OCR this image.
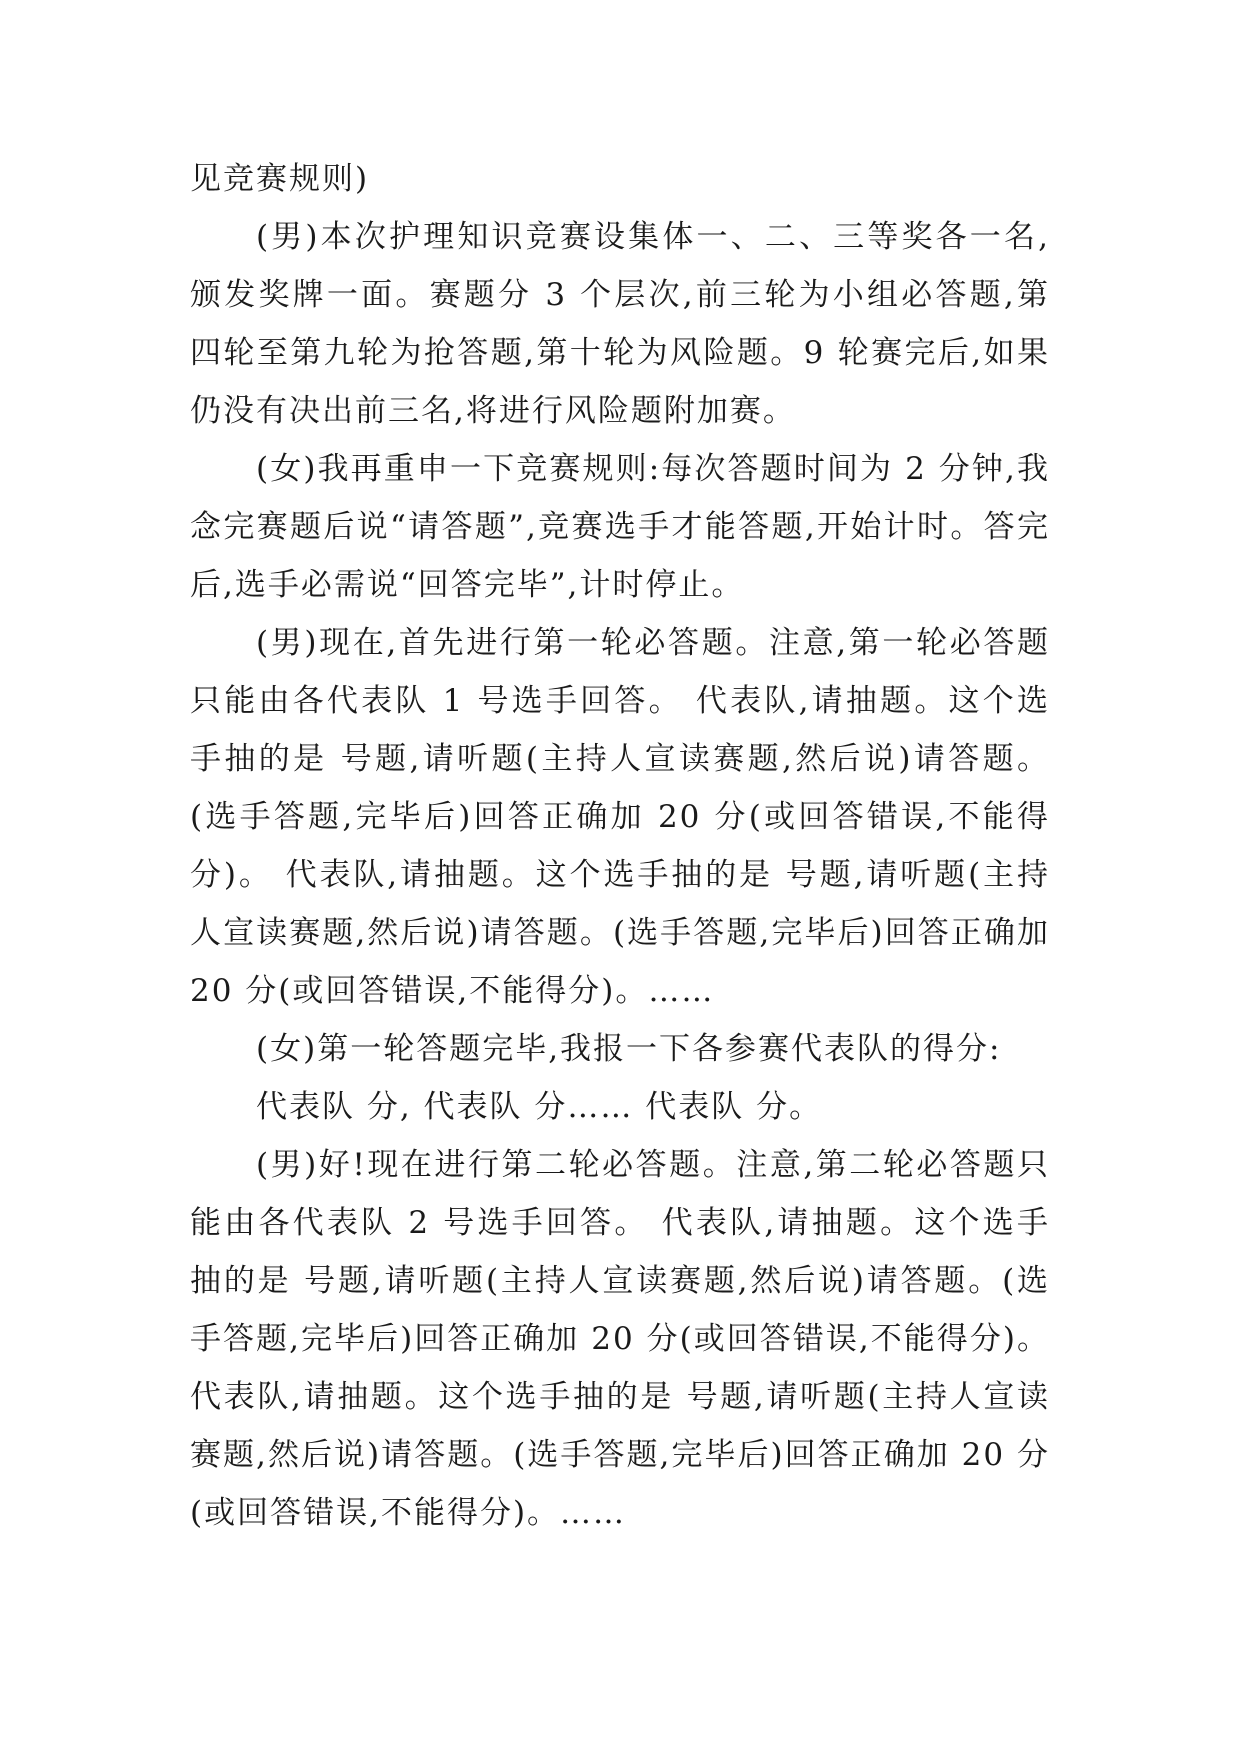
见竞赛规则)

(男)本次护理知识竞赛设集体一、二、三等奖各一名,颁发奖牌一面。赛题分 3 个层次,前三轮为小组必答题,第四轮至第九轮为抢答题,第十轮为风险题。9 轮赛完后,如果仍没有决出前三名,将进行风险题附加赛。

(女)我再重申一下竞赛规则:每次答题时间为 2 分钟,我念完赛题后说“请答题”,竞赛选手才能答题,开始计时。答完后,选手必需说“回答完毕”,计时停止。

(男)现在,首先进行第一轮必答题。注意,第一轮必答题只能由各代表队 1 号选手回答。 代表队,请抽题。这个选手抽的是 号题,请听题(主持人宣读赛题,然后说)请答题。(选手答题,完毕后)回答正确加 20 分(或回答错误,不能得分)。 代表队,请抽题。这个选手抽的是 号题,请听题(主持人宣读赛题,然后说)请答题。(选手答题,完毕后)回答正确加 20 分(或回答错误,不能得分)。……

(女)第一轮答题完毕,我报一下各参赛代表队的得分:

代表队 分, 代表队 分…… 代表队 分。

(男)好!现在进行第二轮必答题。注意,第二轮必答题只能由各代表队 2 号选手回答。 代表队,请抽题。这个选手抽的是 号题,请听题(主持人宣读赛题,然后说)请答题。(选手答题,完毕后)回答正确加 20 分(或回答错误,不能得分)。 代表队,请抽题。这个选手抽的是 号题,请听题(主持人宣读赛题,然后说)请答题。(选手答题,完毕后)回答正确加 20 分(或回答错误,不能得分)。……
